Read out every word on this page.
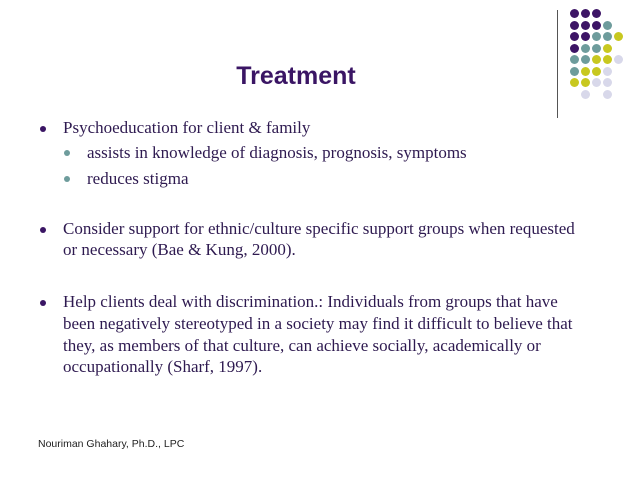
Treatment
Psychoeducation for client & family
assists in knowledge of diagnosis, prognosis, symptoms
reduces stigma
Consider support for ethnic/culture specific support groups when requested
or necessary (Bae & Kung, 2000).
Help clients deal with discrimination.: Individuals from groups that have
been negatively stereotyped in a society may find it difficult to believe that
they, as members of that culture, can achieve socially, academically or
occupationally (Sharf, 1997).
Nouriman Ghahary, Ph.D., LPC
